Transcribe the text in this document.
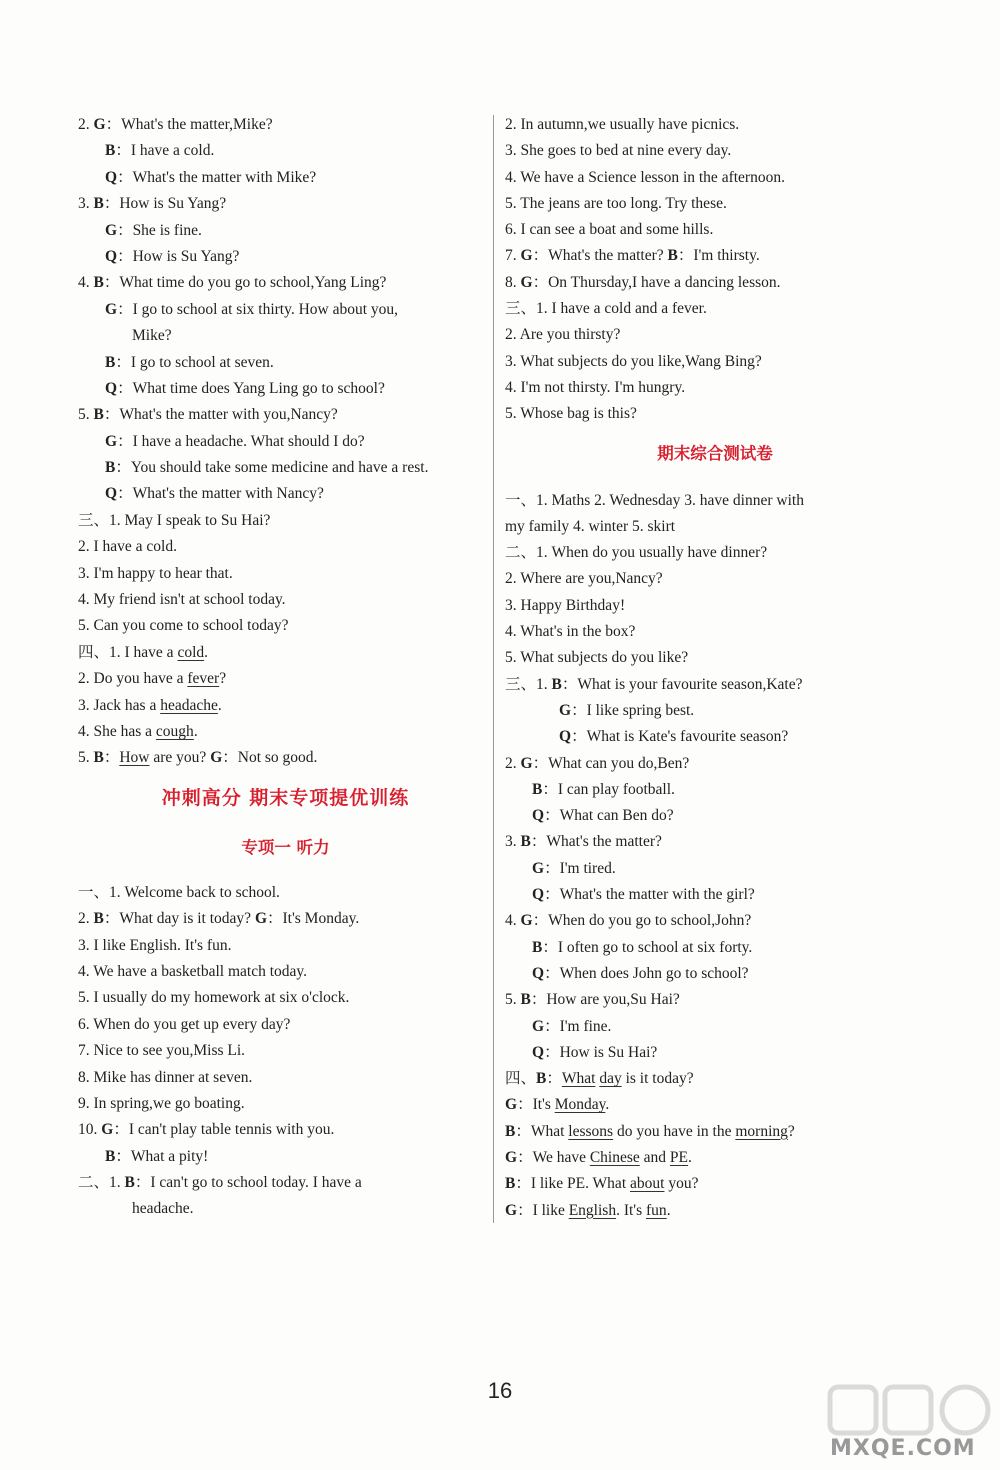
2. G：What's the matter,Mike?
B：I have a cold.
Q：What's the matter with Mike?
3. B：How is Su Yang?
G：She is fine.
Q：How is Su Yang?
4. B：What time do you go to school,Yang Ling?
G：I go to school at six thirty. How about you,
Mike?
B：I go to school at seven.
Q：What time does Yang Ling go to school?
5. B：What's the matter with you,Nancy?
G：I have a headache. What should I do?
B：You should take some medicine and have a rest.
Q：What's the matter with Nancy?
三、1. May I speak to Su Hai?
2. I have a cold.
3. I'm happy to hear that.
4. My friend isn't at school today.
5. Can you come to school today?
四、1. I have a cold.
2. Do you have a fever?
3. Jack has a headache.
4. She has a cough.
5. B：How are you? G：Not so good.
冲刺高分 期末专项提优训练
专项一 听力
一、1. Welcome back to school.
2. B：What day is it today? G：It's Monday.
3. I like English. It's fun.
4. We have a basketball match today.
5. I usually do my homework at six o'clock.
6. When do you get up every day?
7. Nice to see you,Miss Li.
8. Mike has dinner at seven.
9. In spring,we go boating.
10. G：I can't play table tennis with you.
B：What a pity!
二、1. B：I can't go to school today. I have a
headache.
2. In autumn,we usually have picnics.
3. She goes to bed at nine every day.
4. We have a Science lesson in the afternoon.
5. The jeans are too long. Try these.
6. I can see a boat and some hills.
7. G：What's the matter? B：I'm thirsty.
8. G：On Thursday,I have a dancing lesson.
三、1. I have a cold and a fever.
2. Are you thirsty?
3. What subjects do you like,Wang Bing?
4. I'm not thirsty. I'm hungry.
5. Whose bag is this?
期末综合测试卷
一、1. Maths 2. Wednesday 3. have dinner with
my family 4. winter 5. skirt
二、1. When do you usually have dinner?
2. Where are you,Nancy?
3. Happy Birthday!
4. What's in the box?
5. What subjects do you like?
三、1. B：What is your favourite season,Kate?
G：I like spring best.
Q：What is Kate's favourite season?
2. G：What can you do,Ben?
B：I can play football.
Q：What can Ben do?
3. B：What's the matter?
G：I'm tired.
Q：What's the matter with the girl?
4. G：When do you go to school,John?
B：I often go to school at six forty.
Q：When does John go to school?
5. B：How are you,Su Hai?
G：I'm fine.
Q：How is Su Hai?
四、B：What day is it today?
G：It's Monday.
B：What lessons do you have in the morning?
G：We have Chinese and PE.
B：I like PE. What about you?
G：I like English. It's fun.
16
MXQE.COM
